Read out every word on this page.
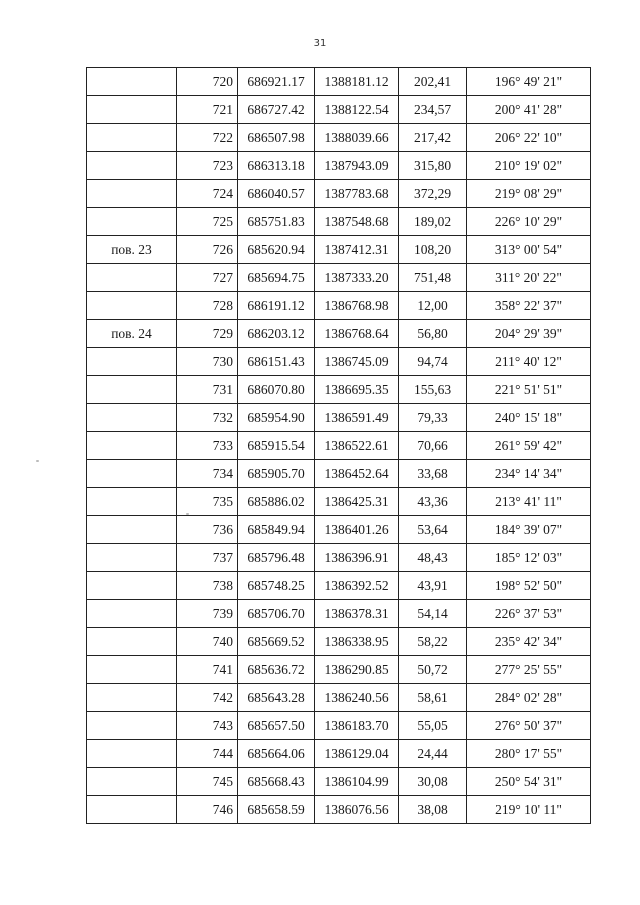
31
	720	686921.17	1388181.12	202,41	196° 49' 21"
	721	686727.42	1388122.54	234,57	200° 41' 28"
	722	686507.98	1388039.66	217,42	206° 22' 10"
	723	686313.18	1387943.09	315,80	210° 19' 02"
	724	686040.57	1387783.68	372,29	219° 08' 29"
	725	685751.83	1387548.68	189,02	226° 10' 29"
пов. 23	726	685620.94	1387412.31	108,20	313° 00' 54"
	727	685694.75	1387333.20	751,48	311° 20' 22"
	728	686191.12	1386768.98	12,00	358° 22' 37"
пов. 24	729	686203.12	1386768.64	56,80	204° 29' 39"
	730	686151.43	1386745.09	94,74	211° 40' 12"
	731	686070.80	1386695.35	155,63	221° 51' 51"
	732	685954.90	1386591.49	79,33	240° 15' 18"
	733	685915.54	1386522.61	70,66	261° 59' 42"
	734	685905.70	1386452.64	33,68	234° 14' 34"
	735	685886.02	1386425.31	43,36	213° 41' 11"
	736	685849.94	1386401.26	53,64	184° 39' 07"
	737	685796.48	1386396.91	48,43	185° 12' 03"
	738	685748.25	1386392.52	43,91	198° 52' 50"
	739	685706.70	1386378.31	54,14	226° 37' 53"
	740	685669.52	1386338.95	58,22	235° 42' 34"
	741	685636.72	1386290.85	50,72	277° 25' 55"
	742	685643.28	1386240.56	58,61	284° 02' 28"
	743	685657.50	1386183.70	55,05	276° 50' 37"
	744	685664.06	1386129.04	24,44	280° 17' 55"
	745	685668.43	1386104.99	30,08	250° 54' 31"
	746	685658.59	1386076.56	38,08	219° 10' 11"
